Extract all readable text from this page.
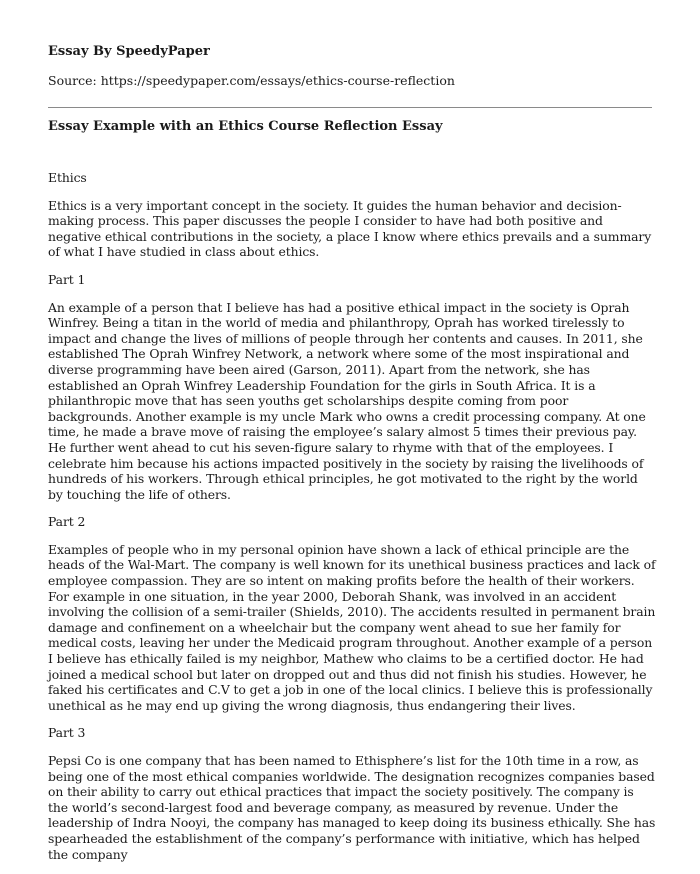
Essay By SpeedyPaper
Source: https://speedypaper.com/essays/ethics-course-reflection
Essay Example with an Ethics Course Reflection Essay

Ethics

Ethics is a very important concept in the society. It guides the human behavior and decision-making process. This paper discusses the people I consider to have had both positive and negative ethical contributions in the society, a place I know where ethics prevails and a summary of what I have studied in class about ethics.

Part 1

An example of a person that I believe has had a positive ethical impact in the society is Oprah Winfrey. Being a titan in the world of media and philanthropy, Oprah has worked tirelessly to impact and change the lives of millions of people through her contents and causes. In 2011, she established The Oprah Winfrey Network, a network where some of the most inspirational and diverse programming have been aired (Garson, 2011). Apart from the network, she has established an Oprah Winfrey Leadership Foundation for the girls in South Africa. It is a philanthropic move that has seen youths get scholarships despite coming from poor backgrounds. Another example is my uncle Mark who owns a credit processing company. At one time, he made a brave move of raising the employee’s salary almost 5 times their previous pay. He further went ahead to cut his seven-figure salary to rhyme with that of the employees. I celebrate him because his actions impacted positively in the society by raising the livelihoods of hundreds of his workers. Through ethical principles, he got motivated to the right by the world by touching the life of others.

Part 2

Examples of people who in my personal opinion have shown a lack of ethical principle are the heads of the Wal-Mart. The company is well known for its unethical business practices and lack of employee compassion. They are so intent on making profits before the health of their workers. For example in one situation, in the year 2000, Deborah Shank, was involved in an accident involving the collision of a semi-trailer (Shields, 2010). The accidents resulted in permanent brain damage and confinement on a wheelchair but the company went ahead to sue her family for medical costs, leaving her under the Medicaid program throughout. Another example of a person I believe has ethically failed is my neighbor, Mathew who claims to be a certified doctor. He had joined a medical school but later on dropped out and thus did not finish his studies. However, he faked his certificates and C.V to get a job in one of the local clinics. I believe this is professionally unethical as he may end up giving the wrong diagnosis, thus endangering their lives.

Part 3

Pepsi Co is one company that has been named to Ethisphere’s list for the 10th time in a row, as being one of the most ethical companies worldwide. The designation recognizes companies based on their ability to carry out ethical practices that impact the society positively. The company is the world’s second-largest food and beverage company, as measured by revenue. Under the leadership of Indra Nooyi, the company has managed to keep doing its business ethically. She has spearheaded the establishment of the company’s performance with initiative, which has helped the company
